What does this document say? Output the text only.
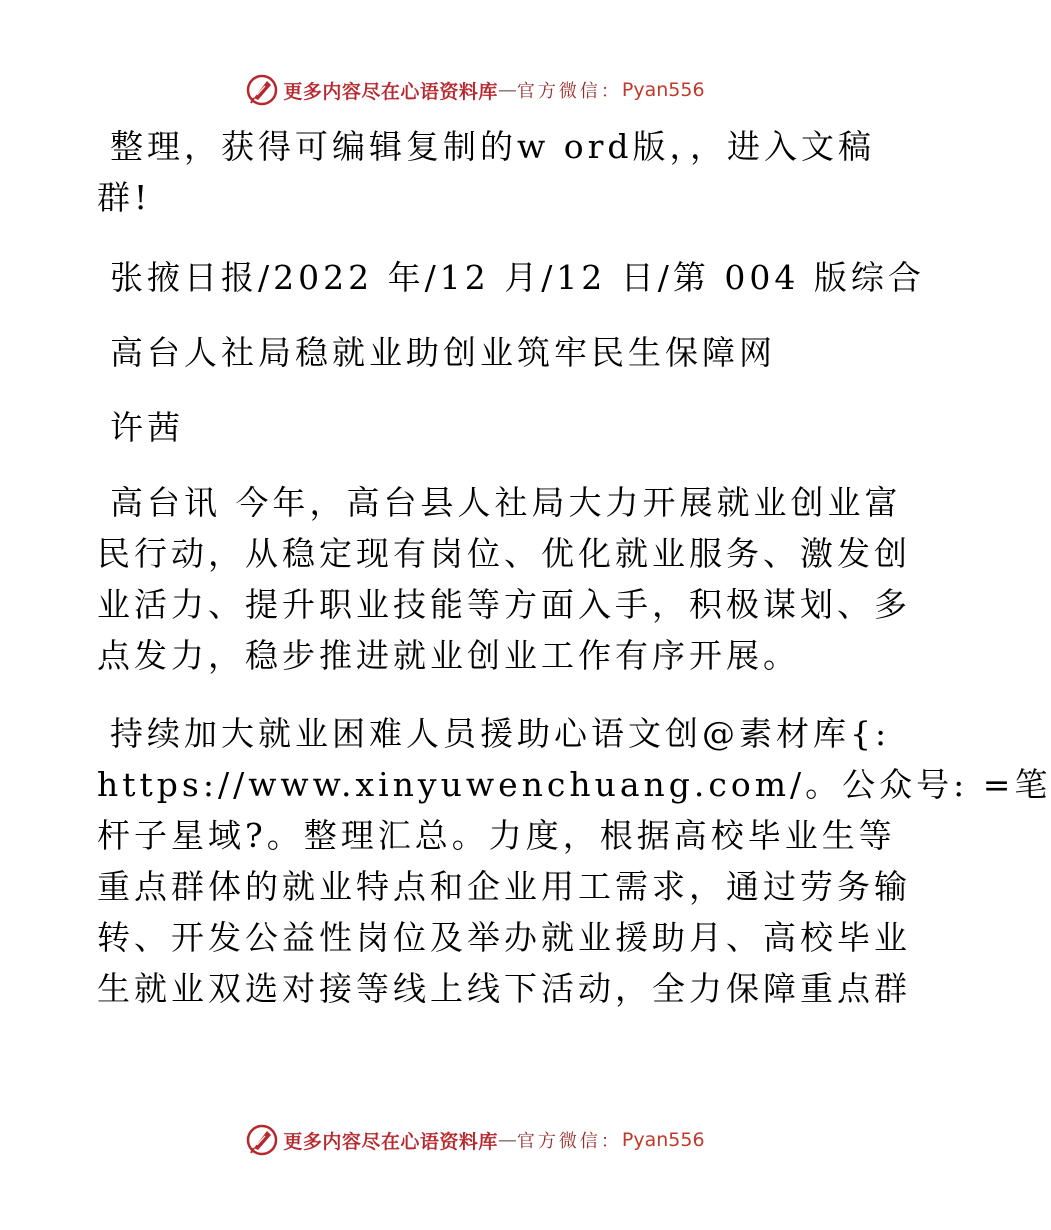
更多内容尽在心语资料库 — 官方微信： Pyan556
整理，获得可编辑复制的w ord版，，进入文稿
群!
张掖日报/2022 年/12 月/12 日/第 004 版综合
高台人社局稳就业助创业筑牢民生保障网
许茜
高台讯 今年，高台县人社局大力开展就业创业富
民行动，从稳定现有岗位、优化就业服务、激发创
业活力、提升职业技能等方面入手，积极谋划、多
点发力，稳步推进就业创业工作有序开展。
持续加大就业困难人员援助心语文创@素材库{:
https://www.xinyuwenchuang.com/。公众号: =笔
杆子星域?。整理汇总。力度，根据高校毕业生等
重点群体的就业特点和企业用工需求，通过劳务输
转、开发公益性岗位及举办就业援助月、高校毕业
生就业双选对接等线上线下活动，全力保障重点群
更多内容尽在心语资料库 — 官方微信： Pyan556
